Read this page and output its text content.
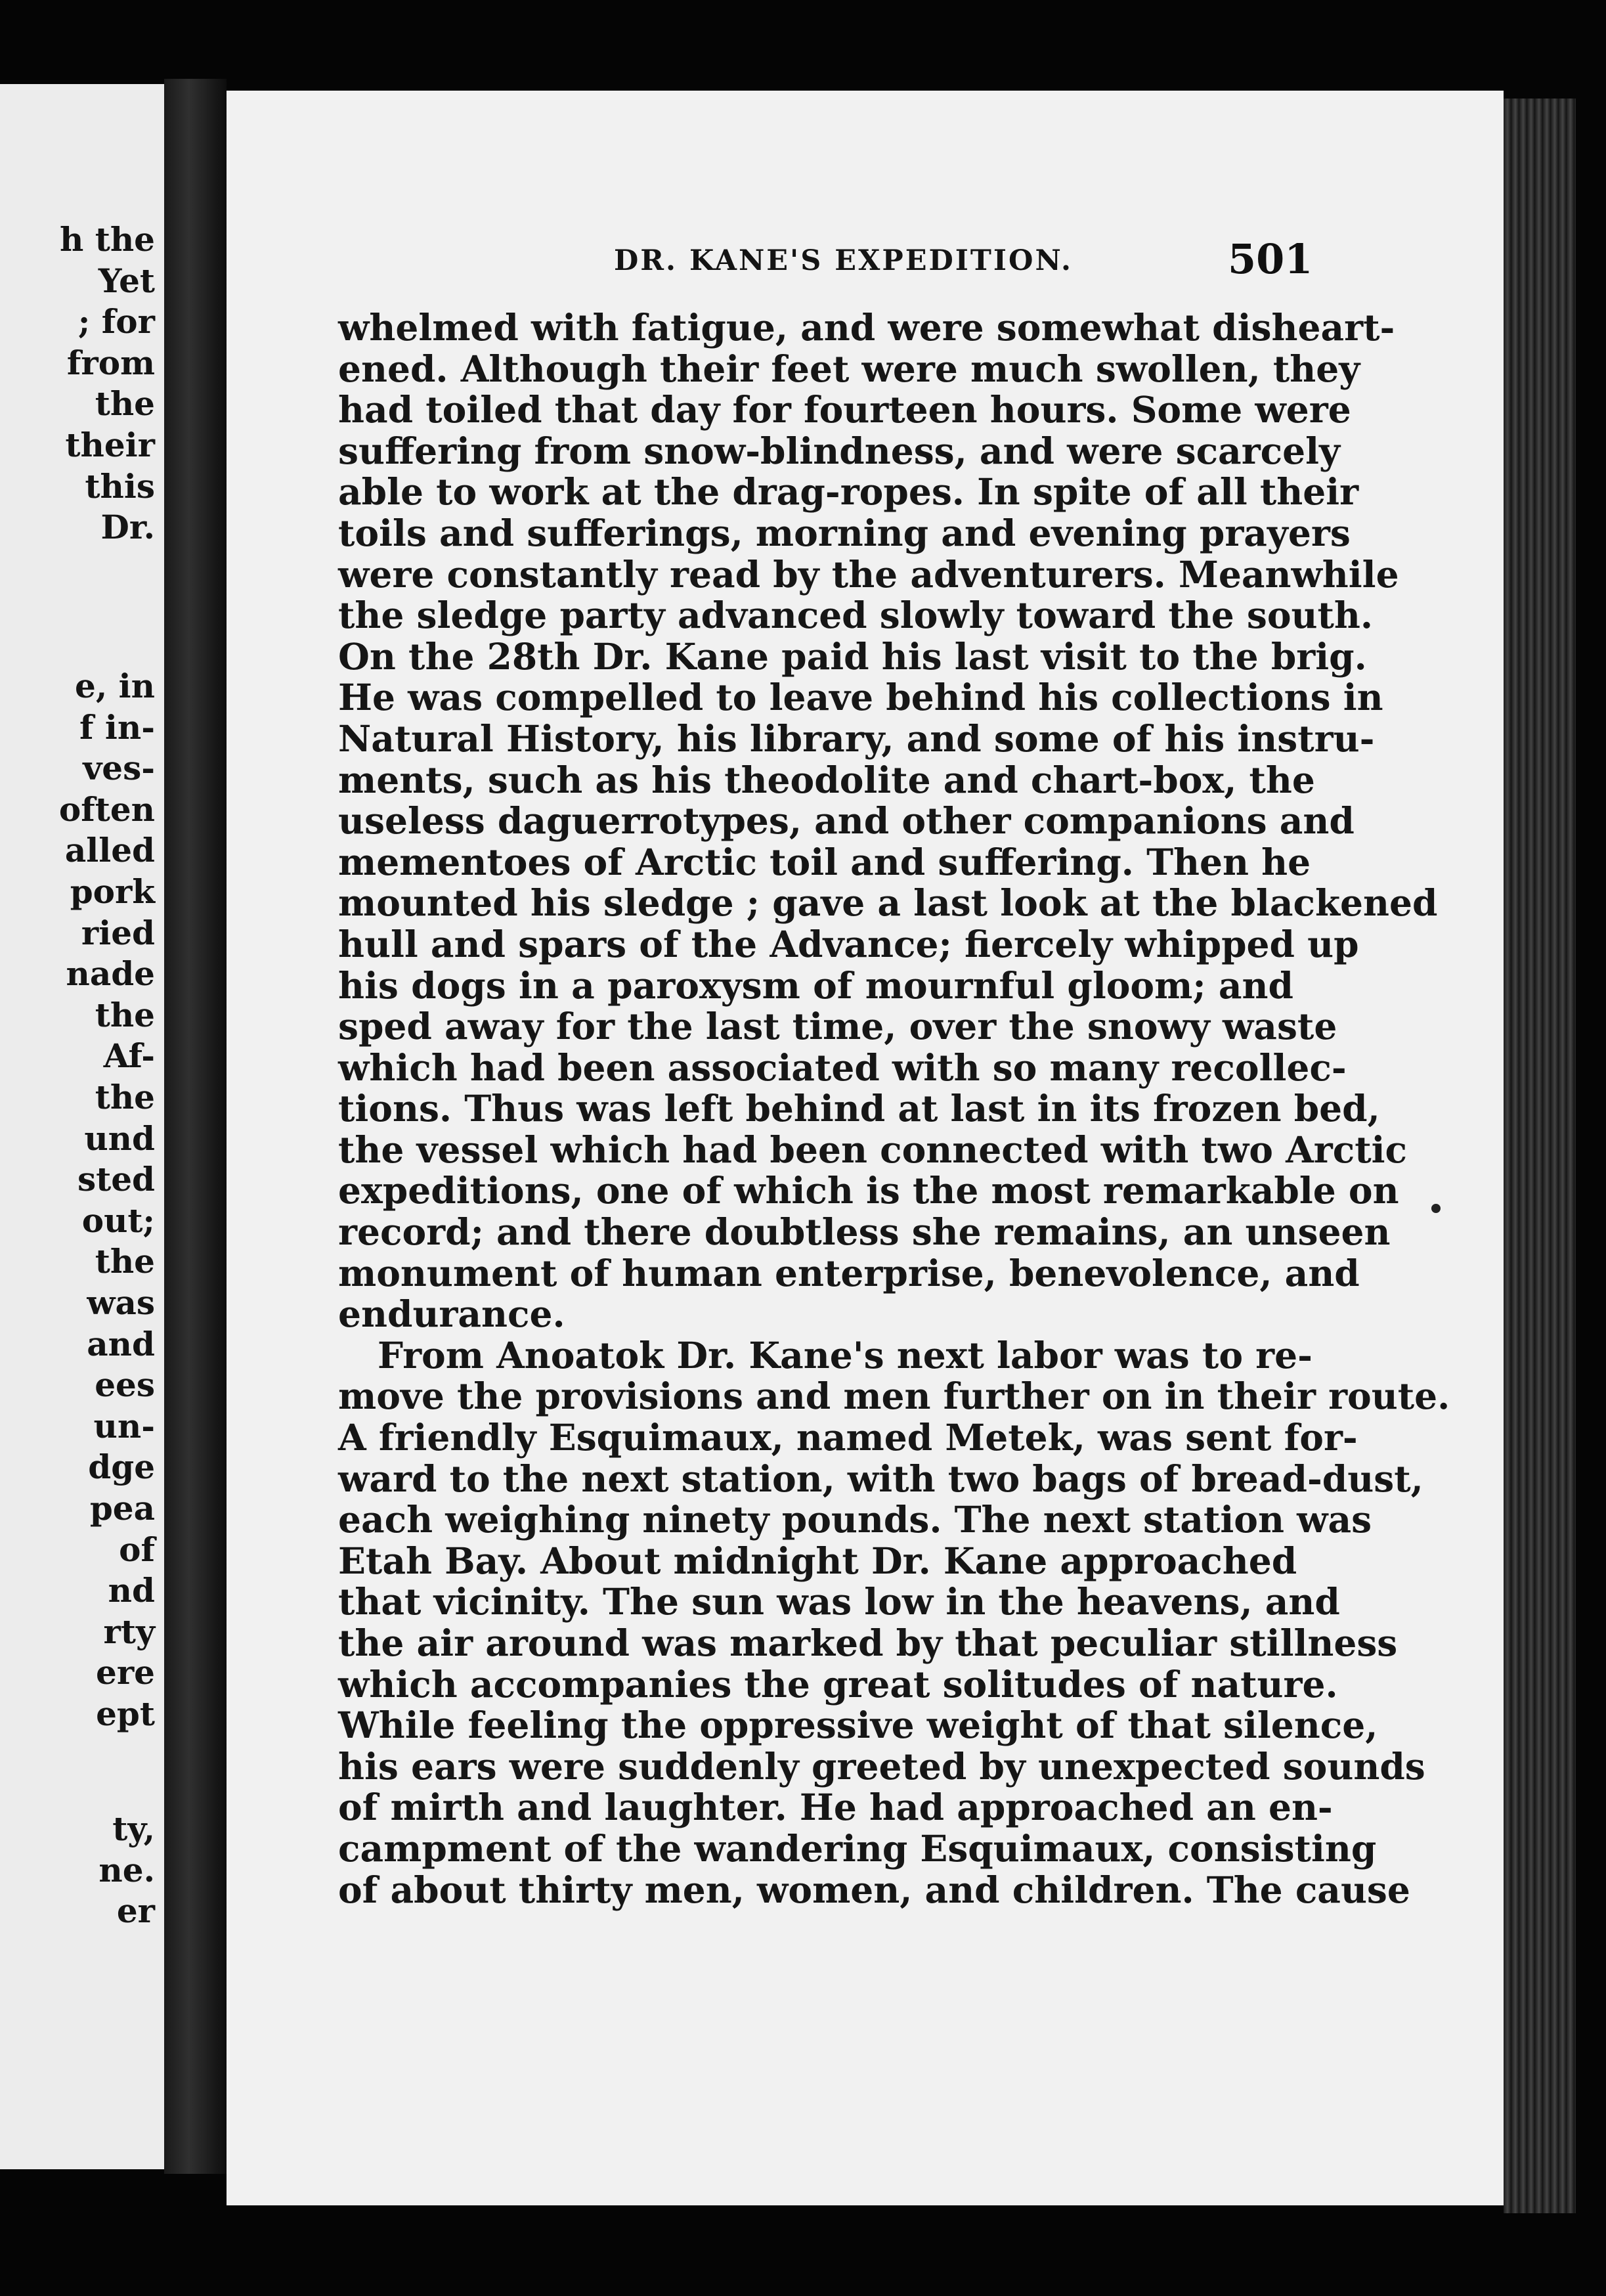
h the
Yet
; for
from
the
their
this
Dr.
e, in
f in-
ves-
often
alled
pork
ried
nade
the
Af-
the
und
sted
out;
the
was
and
ees
un-
dge
pea
of
nd
rty
ere
ept
ty,
ne.
er
DR. KANE'S EXPEDITION.	501
whelmed with fatigue, and were somewhat disheart-
ened. Although their feet were much swollen, they
had toiled that day for fourteen hours. Some were
suffering from snow-blindness, and were scarcely
able to work at the drag-ropes. In spite of all their
toils and sufferings, morning and evening prayers
were constantly read by the adventurers. Meanwhile
the sledge party advanced slowly toward the south.
On the 28th Dr. Kane paid his last visit to the brig.
He was compelled to leave behind his collections in
Natural History, his library, and some of his instru-
ments, such as his theodolite and chart-box, the
useless daguerrotypes, and other companions and
mementoes of Arctic toil and suffering. Then he
mounted his sledge ; gave a last look at the blackened
hull and spars of the Advance; fiercely whipped up
his dogs in a paroxysm of mournful gloom; and
sped away for the last time, over the snowy waste
which had been associated with so many recollec-
tions. Thus was left behind at last in its frozen bed,
the vessel which had been connected with two Arctic
expeditions, one of which is the most remarkable on
record; and there doubtless she remains, an unseen
monument of human enterprise, benevolence, and
endurance.
From Anoatok Dr. Kane's next labor was to re-
move the provisions and men further on in their route.
A friendly Esquimaux, named Metek, was sent for-
ward to the next station, with two bags of bread-dust,
each weighing ninety pounds. The next station was
Etah Bay. About midnight Dr. Kane approached
that vicinity. The sun was low in the heavens, and
the air around was marked by that peculiar stillness
which accompanies the great solitudes of nature.
While feeling the oppressive weight of that silence,
his ears were suddenly greeted by unexpected sounds
of mirth and laughter. He had approached an en-
campment of the wandering Esquimaux, consisting
of about thirty men, women, and children. The cause
